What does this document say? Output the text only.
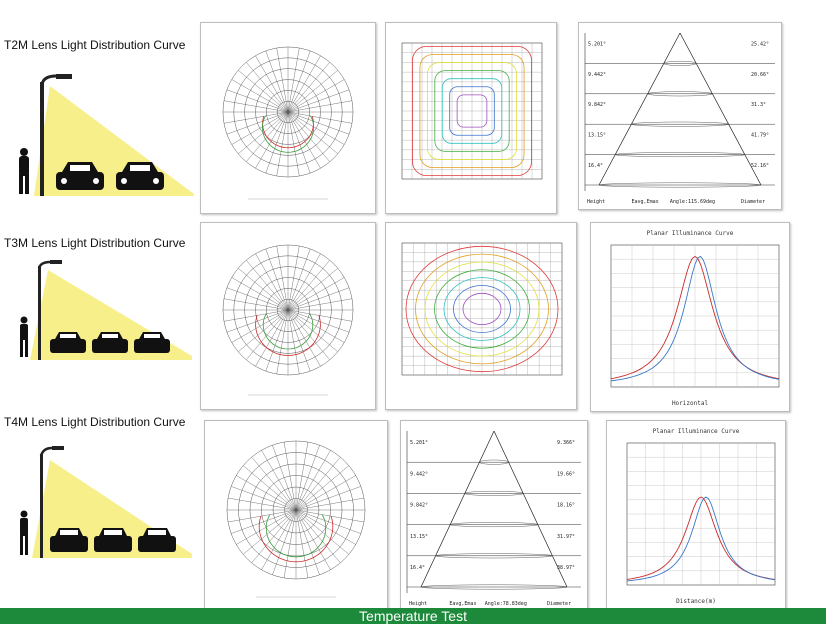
T2M Lens Light Distribution Curve	5.201°	25.42°
9.442°	20.66°
9.842°	31.3°
13.15°	41.79°
16.4°	52.16°
Height	Eavg,Emax Angle:115.69deg	Diameter
T3M Lens Light Distribution Curve
Planar Illuminance Curve
Horizontal
T4M Lens Light Distribution Curve
5.201°	9.366°
9.442°	19.66°
9.842°	18.16°
13.15°	31.97°
16.4°	38.97°
Height	Eavg,Emax Angle:78.83deg	Diameter
Planar Illuminance Curve
Distance(m)
Temperature Test
